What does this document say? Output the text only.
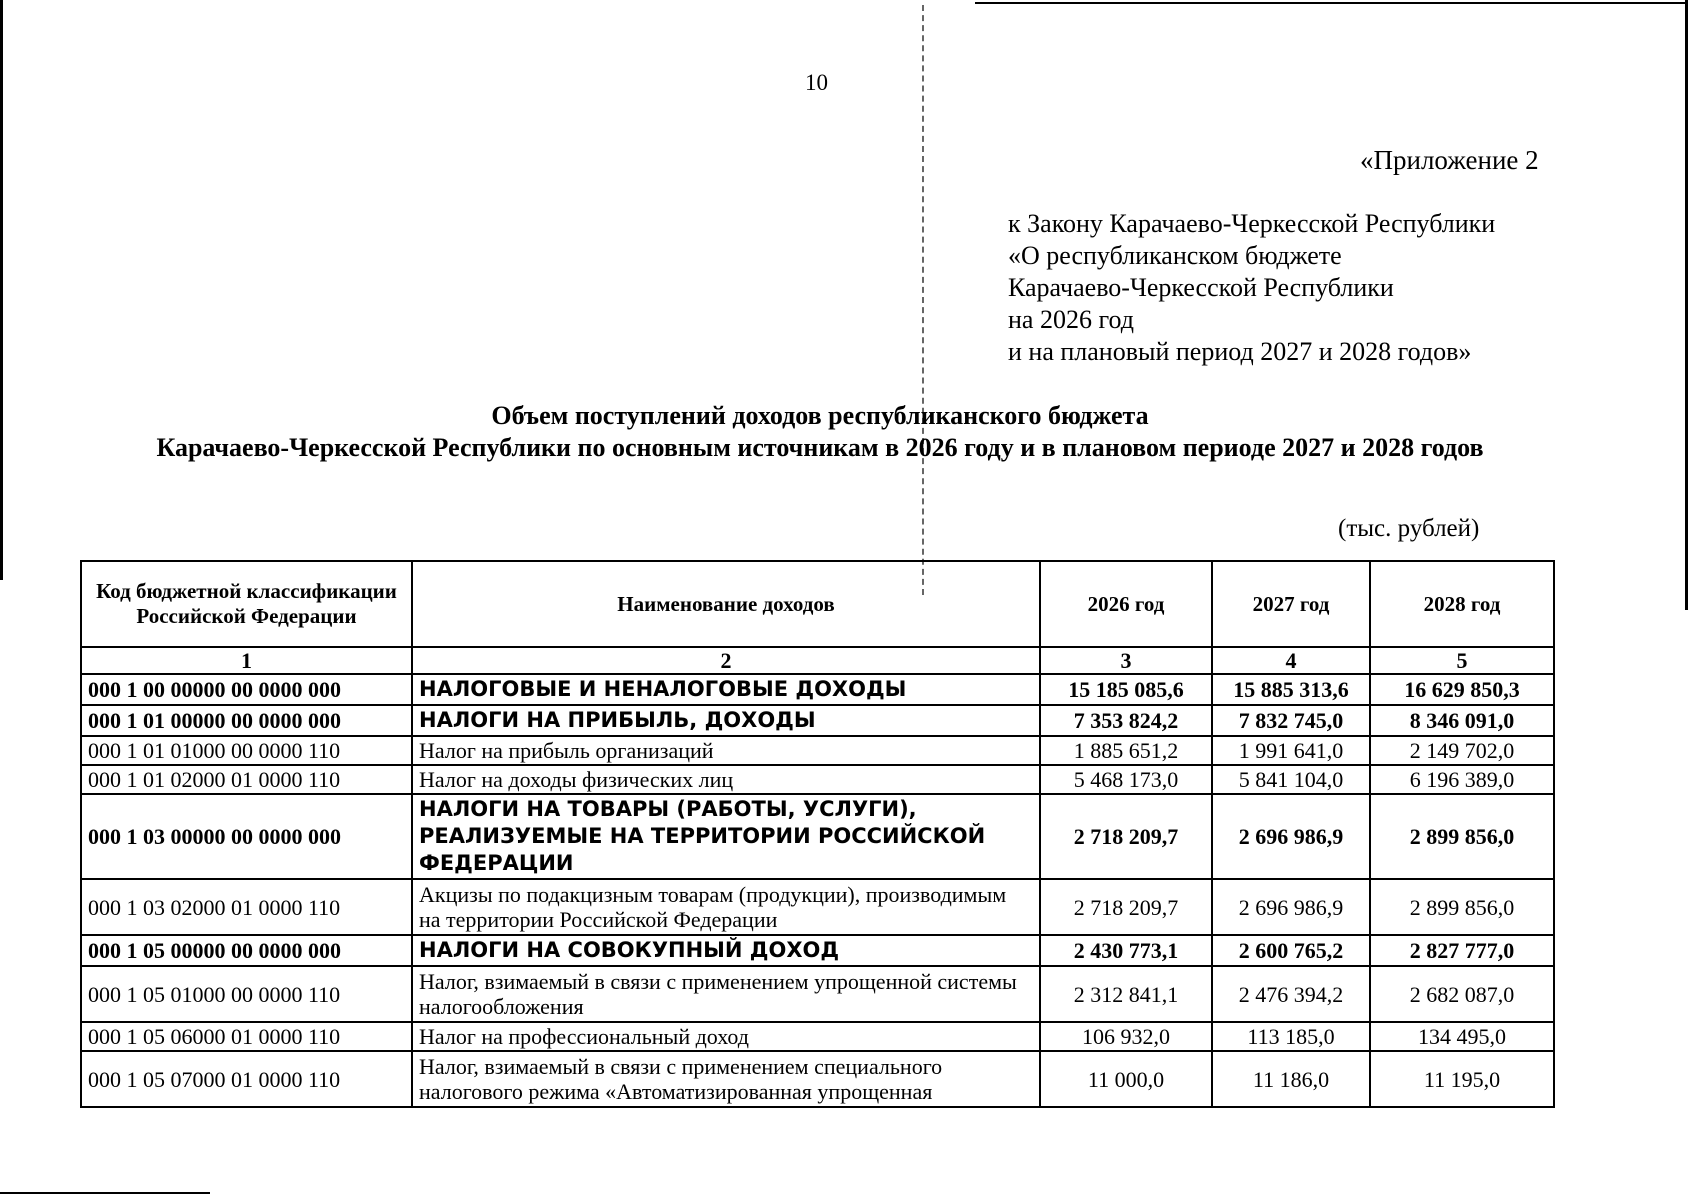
10
«Приложение 2
к Закону Карачаево-Черкесской Республики
«О республиканском бюджете
Карачаево-Черкесской Республики
на 2026 год
и на плановый период 2027 и 2028 годов»
Объем поступлений доходов республиканского бюджета
Карачаево-Черкесской Республики по основным источникам в 2026 году и в плановом периоде 2027 и 2028 годов
(тыс. рублей)
Код бюджетной классификации Российской Федерации	Наименование доходов	2026 год	2027 год	2028 год
1	2	3	4	5
000 1 00 00000 00 0000 000	НАЛОГОВЫЕ И НЕНАЛОГОВЫЕ ДОХОДЫ	15 185 085,6	15 885 313,6	16 629 850,3
000 1 01 00000 00 0000 000	НАЛОГИ НА ПРИБЫЛЬ, ДОХОДЫ	7 353 824,2	7 832 745,0	8 346 091,0
000 1 01 01000 00 0000 110	Налог на прибыль организаций	1 885 651,2	1 991 641,0	2 149 702,0
000 1 01 02000 01 0000 110	Налог на доходы физических лиц	5 468 173,0	5 841 104,0	6 196 389,0
000 1 03 00000 00 0000 000	НАЛОГИ НА ТОВАРЫ (РАБОТЫ, УСЛУГИ), РЕАЛИЗУЕМЫЕ НА ТЕРРИТОРИИ РОССИЙСКОЙ ФЕДЕРАЦИИ	2 718 209,7	2 696 986,9	2 899 856,0
000 1 03 02000 01 0000 110	Акцизы по подакцизным товарам (продукции), производимым на территории Российской Федерации	2 718 209,7	2 696 986,9	2 899 856,0
000 1 05 00000 00 0000 000	НАЛОГИ НА СОВОКУПНЫЙ ДОХОД	2 430 773,1	2 600 765,2	2 827 777,0
000 1 05 01000 00 0000 110	Налог, взимаемый в связи с применением упрощенной системы налогообложения	2 312 841,1	2 476 394,2	2 682 087,0
000 1 05 06000 01 0000 110	Налог на профессиональный доход	106 932,0	113 185,0	134 495,0
000 1 05 07000 01 0000 110	Налог, взимаемый в связи с применением специального налогового режима «Автоматизированная упрощенная	11 000,0	11 186,0	11 195,0
